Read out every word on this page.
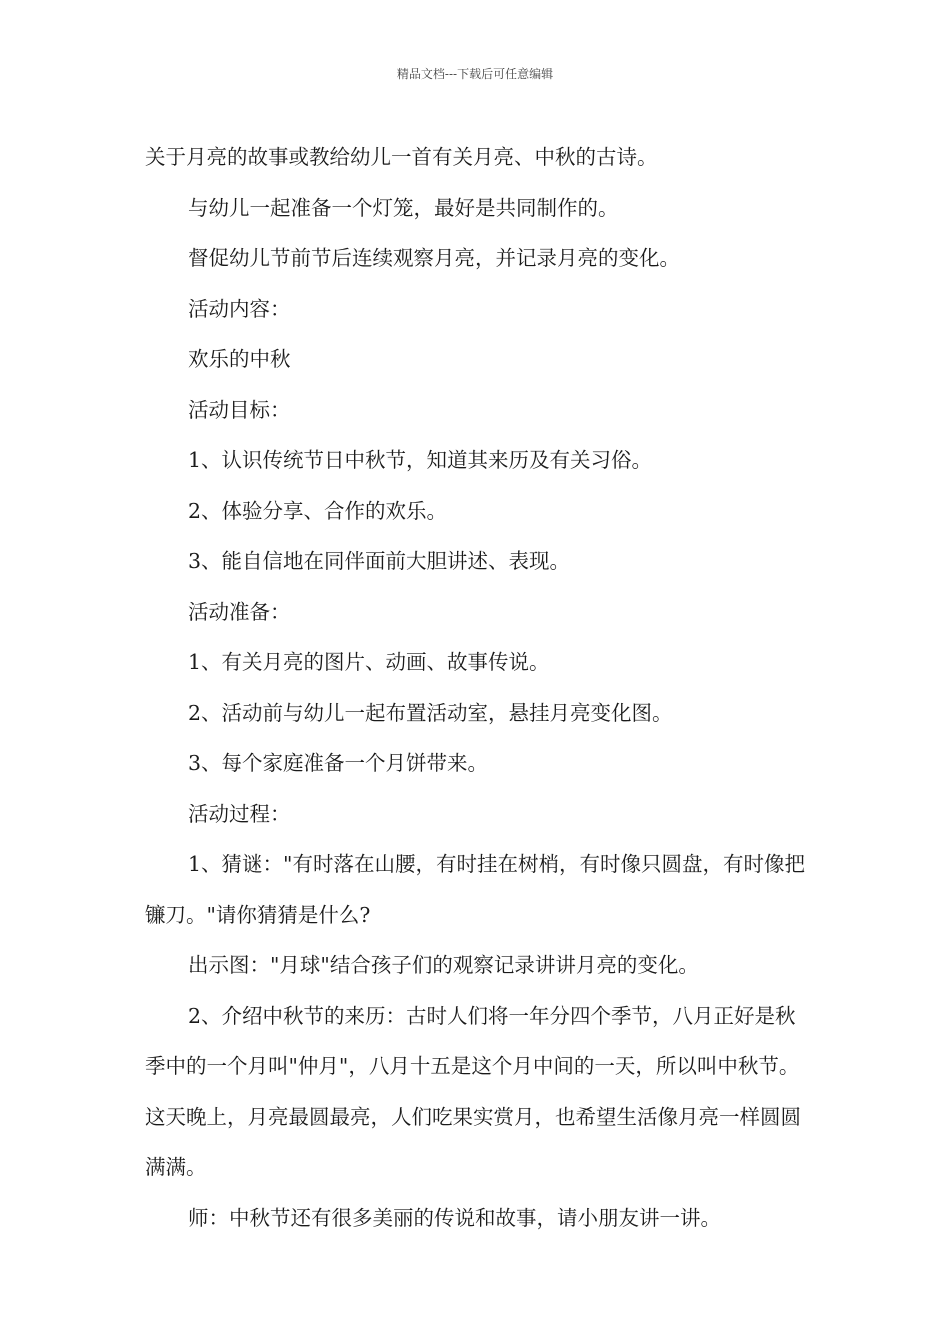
精品文档---下载后可任意编辑

关于月亮的故事或教给幼儿一首有关月亮、中秋的古诗。

与幼儿一起准备一个灯笼，最好是共同制作的。

督促幼儿节前节后连续观察月亮，并记录月亮的变化。

活动内容：

欢乐的中秋

活动目标：

1、认识传统节日中秋节，知道其来历及有关习俗。

2、体验分享、合作的欢乐。

3、能自信地在同伴面前大胆讲述、表现。

活动准备：

1、有关月亮的图片、动画、故事传说。

2、活动前与幼儿一起布置活动室，悬挂月亮变化图。

3、每个家庭准备一个月饼带来。

活动过程：

1、猜谜："有时落在山腰，有时挂在树梢，有时像只圆盘，有时像把镰刀。"请你猜猜是什么?

出示图："月球"结合孩子们的观察记录讲讲月亮的变化。

2、介绍中秋节的来历：古时人们将一年分四个季节，八月正好是秋季中的一个月叫"仲月"，八月十五是这个月中间的一天，所以叫中秋节。这天晚上，月亮最圆最亮，人们吃果实赏月，也希望生活像月亮一样圆圆满满。

师：中秋节还有很多美丽的传说和故事，请小朋友讲一讲。
